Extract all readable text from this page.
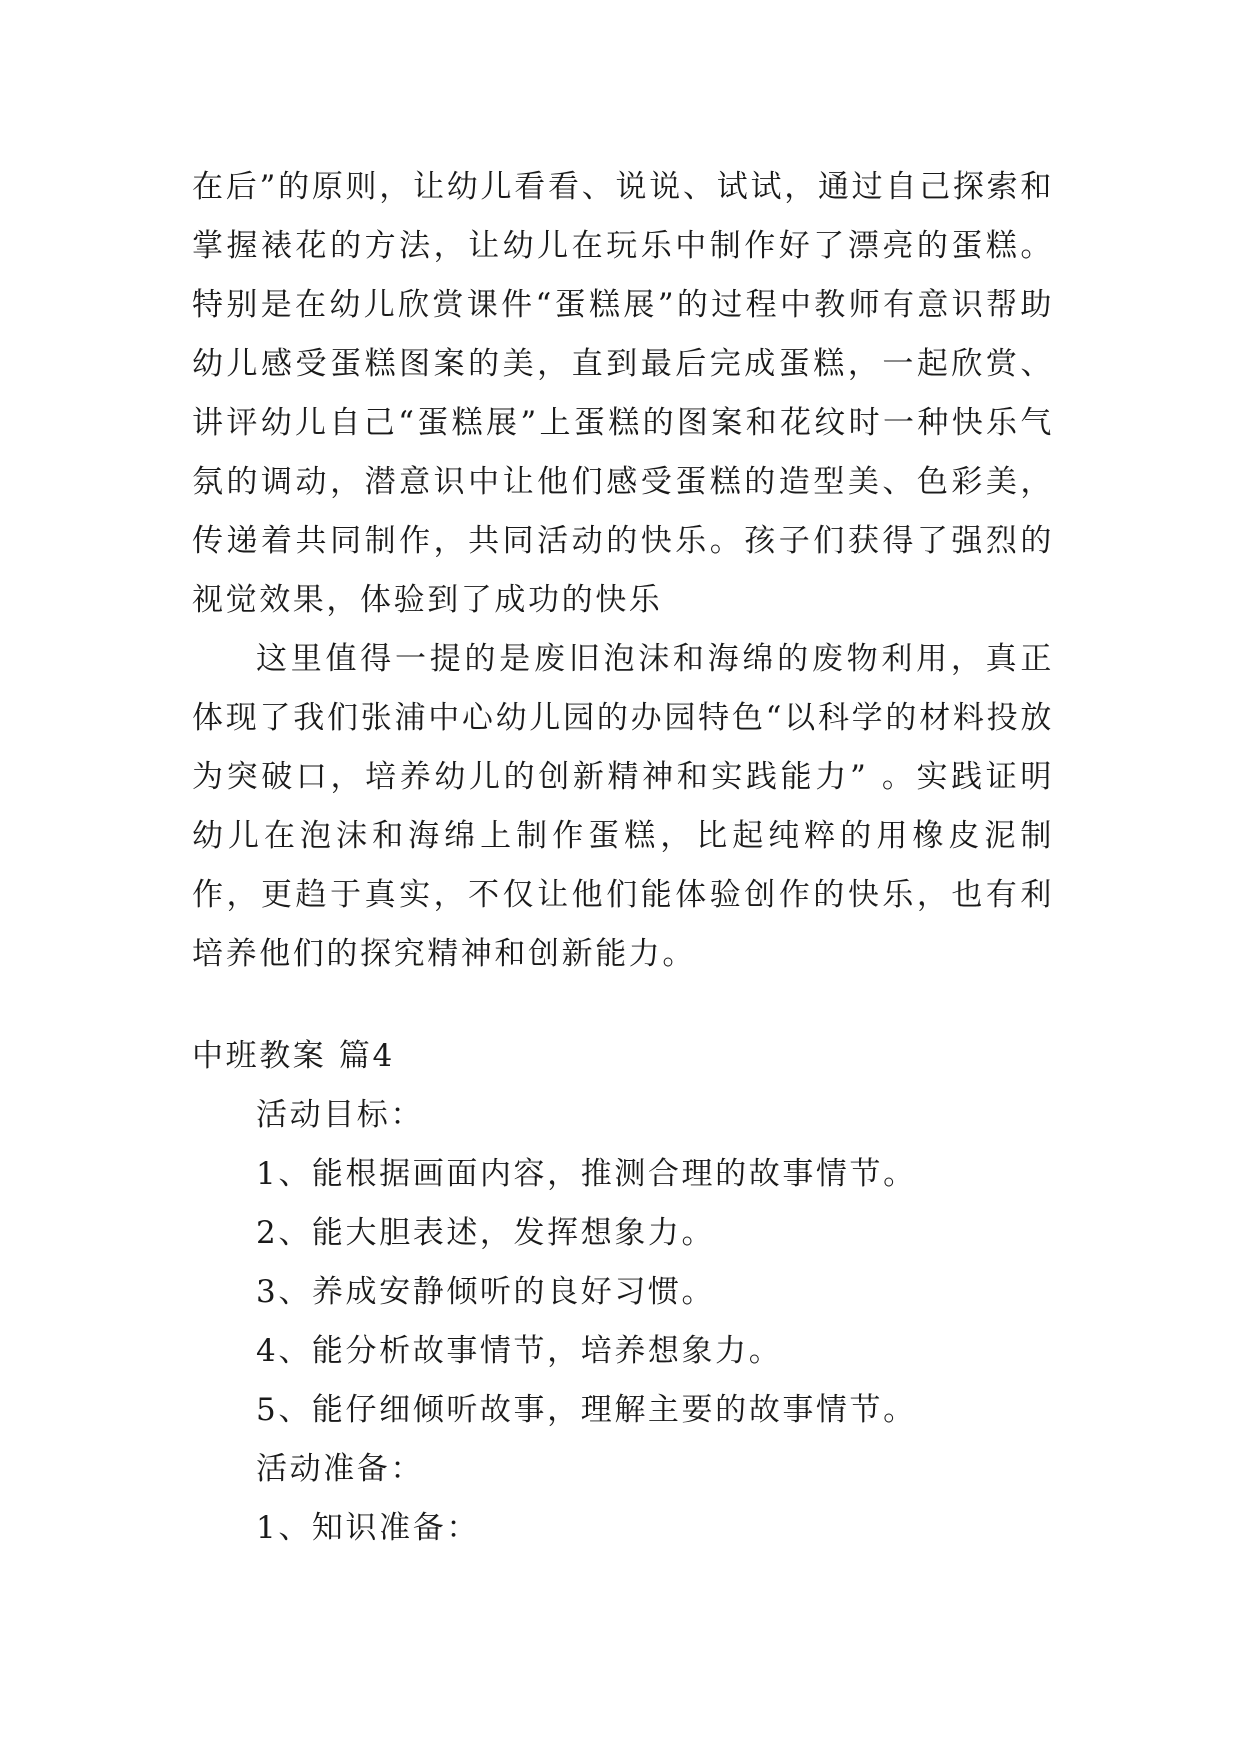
在后”的原则，让幼儿看看、说说、试试，通过自己探索和掌握裱花的方法，让幼儿在玩乐中制作好了漂亮的蛋糕。特别是在幼儿欣赏课件“蛋糕展”的过程中教师有意识帮助幼儿感受蛋糕图案的美，直到最后完成蛋糕，一起欣赏、讲评幼儿自己“蛋糕展”上蛋糕的图案和花纹时一种快乐气氛的调动，潜意识中让他们感受蛋糕的造型美、色彩美，传递着共同制作，共同活动的快乐。孩子们获得了强烈的视觉效果，体验到了成功的快乐

这里值得一提的是废旧泡沫和海绵的废物利用，真正体现了我们张浦中心幼儿园的办园特色“以科学的材料投放为突破口，培养幼儿的创新精神和实践能力” 。实践证明幼儿在泡沫和海绵上制作蛋糕，比起纯粹的用橡皮泥制作，更趋于真实，不仅让他们能体验创作的快乐，也有利培养他们的探究精神和创新能力。

中班教案 篇4

活动目标：

1、能根据画面内容，推测合理的故事情节。

2、能大胆表述，发挥想象力。

3、养成安静倾听的良好习惯。

4、能分析故事情节，培养想象力。

5、能仔细倾听故事，理解主要的故事情节。

活动准备：

1、知识准备：
